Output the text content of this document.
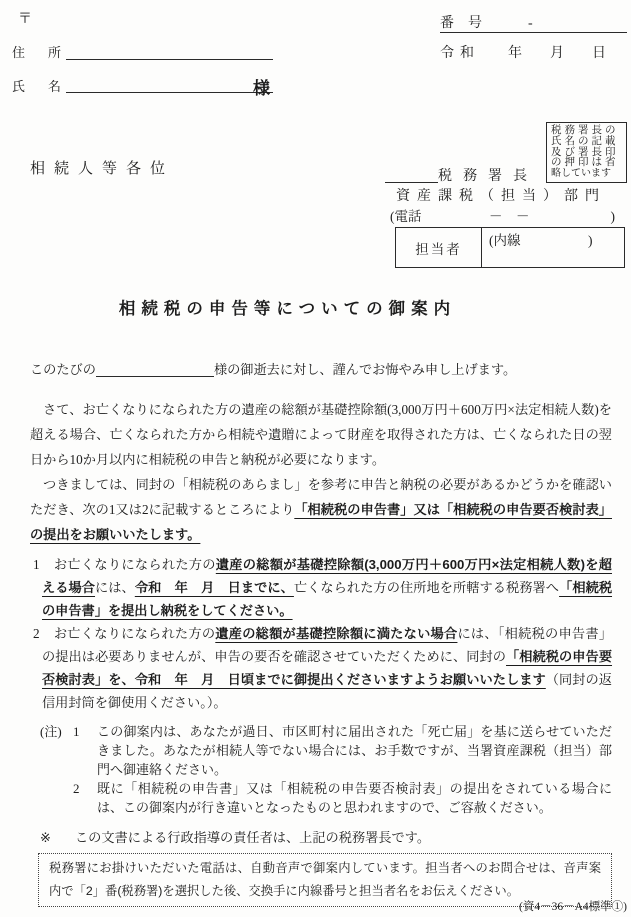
〒
住　所
氏　名	様
番　号	-
令和 年 月 日
相続人等各位	税務署長
税務署長の
氏名の記載
及び署長印
の押印は省
略しています
資産課税（担当）部門
(電話　　　　　－　－　　　　　　)
担当者
(内線　　　　　)
相続税の申告等についての御案内

このたびの	様の御逝去に対し、謹んでお悔やみ申し上げます。

さて、お亡くなりになられた方の遺産の総額が基礎控除額(3,000万円＋600万円×法定相続人数)を超える場合、亡くなられた方から相続や遺贈によって財産を取得された方は、亡くなられた日の翌日から10か月以内に相続税の申告と納税が必要になります。

つきましては、同封の「相続税のあらまし」を参考に申告と納税の必要があるかどうかを確認いただき、次の1又は2に記載するところにより「相続税の申告書」又は「相続税の申告要否検討表」の提出をお願いいたします。

1 お亡くなりになられた方の遺産の総額が基礎控除額(3,000万円＋600万円×法定相続人数)を超える場合には、令和　年　月　日までに、亡くなられた方の住所地を所轄する税務署へ「相続税の申告書」を提出し納税をしてください。
2 お亡くなりになられた方の遺産の総額が基礎控除額に満たない場合には、「相続税の申告書」の提出は必要ありませんが、申告の要否を確認させていただくために、同封の「相続税の申告要否検討表」を、令和　年　月　日頃までに御提出くださいますようお願いいたします（同封の返信用封筒を御使用ください。）。
(注) 1 この御案内は、あなたが過日、市区町村に届出された「死亡届」を基に送らせていただきました。あなたが相続人等でない場合には、お手数ですが、当署資産課税（担当）部門へ御連絡ください。
2 既に「相続税の申告書」又は「相続税の申告要否検討表」の提出をされている場合には、この御案内が行き違いとなったものと思われますので、ご容赦ください。
※ この文書による行政指導の責任者は、上記の税務署長です。
税務署にお掛けいただいた電話は、自動音声で御案内しています。担当者へのお問合せは、音声案内で「2」番(税務署)を選択した後、交換手に内線番号と担当者名をお伝えください。
(資4－36－A4標準①)
